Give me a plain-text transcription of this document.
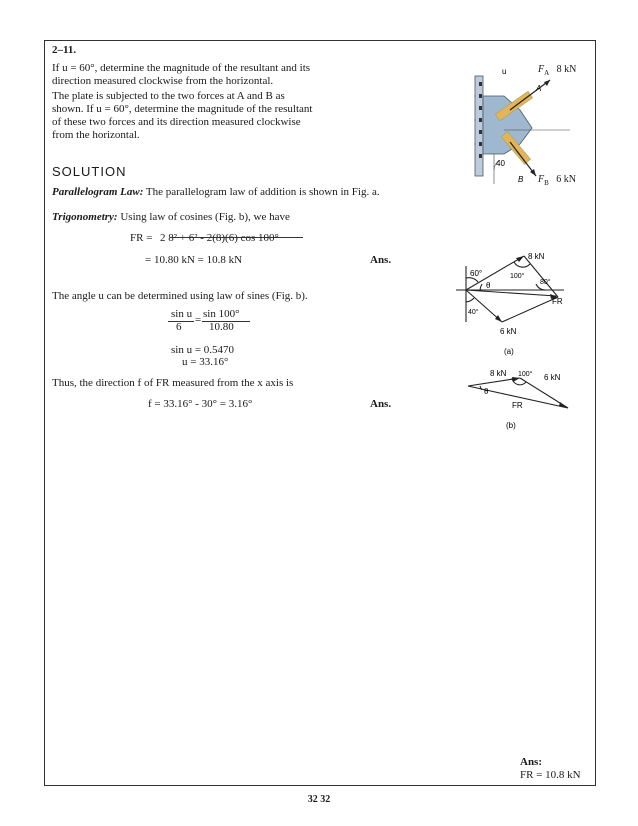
2–11.
If u = 60°, determine the magnitude of the resultant and its
direction measured clockwise from the horizontal.
The plate is subjected to the two forces at A and B as
shown. If u = 60°, determine the magnitude of the resultant
of these two forces and its direction measured clockwise
from the horizontal.
u
A
40
B
$F_A$ 8 kN
$F_B$ 6 kN
SOLUTION
Parallelogram Law: The parallelogram law of addition is shown in Fig. a.
Trigonometry: Using law of cosines (Fig. b), we have
FR = 2 8² + 6² - 2(8)(6) cos 100°
= 10.80 kN = 10.8 kN	Ans.
The angle u can be determined using law of sines (Fig. b).
sin u
6
= sin 100°
10.80
sin u = 0.5470
u = 33.16°
Thus, the direction f of FR measured from the x axis is
f = 33.16° - 30° = 3.16°	Ans.
60°
8 kN
100°
80°
θ
FR
40°
6 kN
(a)
8 kN 100° 6 kN
θ
FR
(b)
Ans:
FR = 10.8 kN
32 32
